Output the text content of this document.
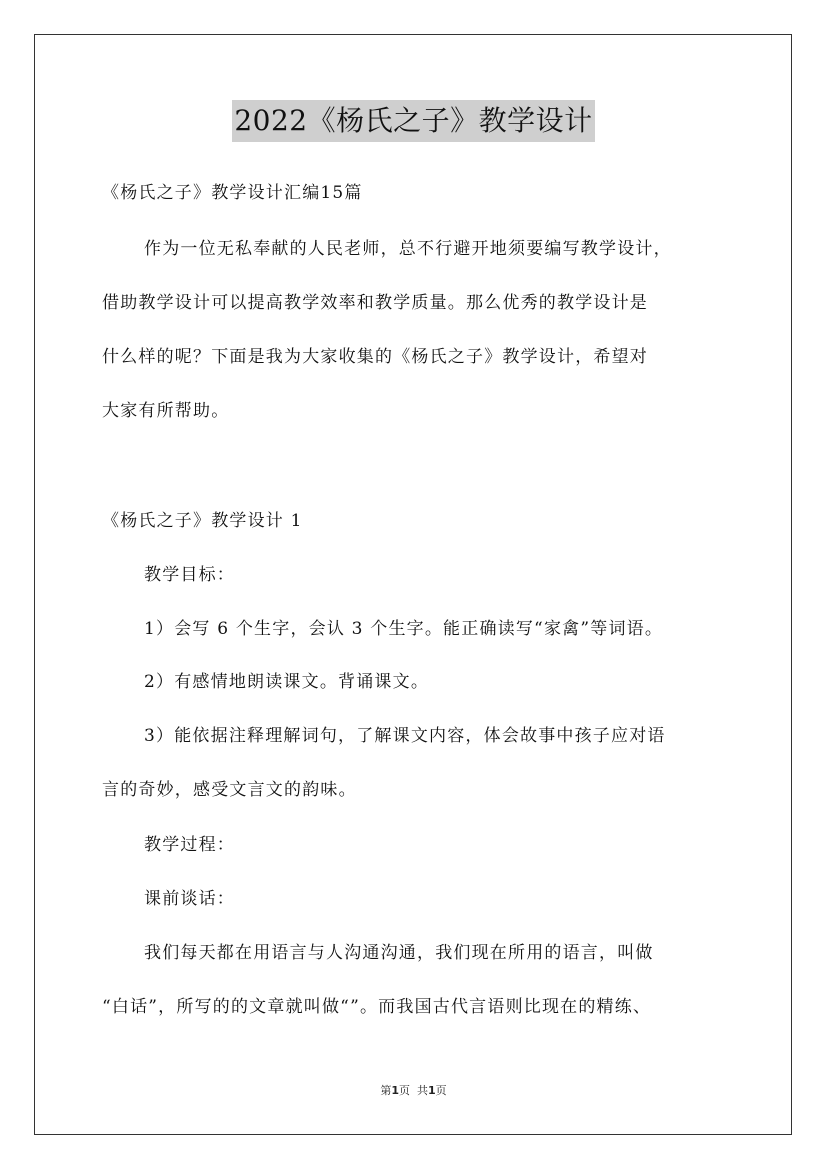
2022《杨氏之子》教学设计
《杨氏之子》教学设计汇编15篇
作为一位无私奉献的人民老师，总不行避开地须要编写教学设计，
借助教学设计可以提高教学效率和教学质量。那么优秀的教学设计是
什么样的呢？下面是我为大家收集的《杨氏之子》教学设计，希望对
大家有所帮助。
《杨氏之子》教学设计 1
教学目标：
1）会写 6 个生字，会认 3 个生字。能正确读写“家禽”等词语。
2）有感情地朗读课文。背诵课文。
3）能依据注释理解词句，了解课文内容，体会故事中孩子应对语
言的奇妙，感受文言文的韵味。
教学过程：
课前谈话：
我们每天都在用语言与人沟通沟通，我们现在所用的语言，叫做
“白话”，所写的的文章就叫做“”。而我国古代言语则比现在的精练、
第1页 共1页
